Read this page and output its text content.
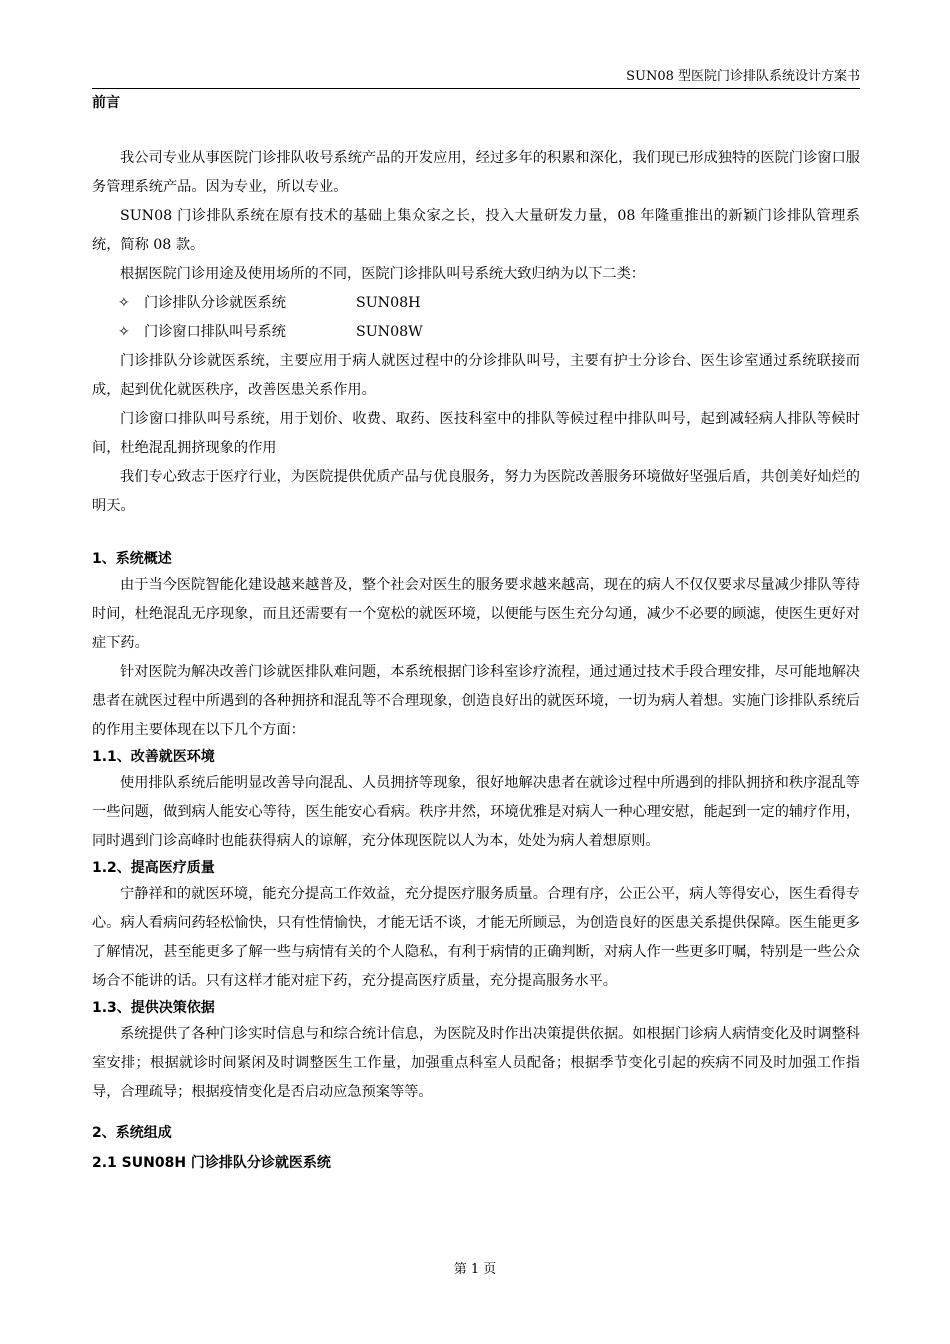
SUN08 型医院门诊排队系统设计方案书

前言

我公司专业从事医院门诊排队收号系统产品的开发应用，经过多年的积累和深化，我们现已形成独特的医院门诊窗口服务管理系统产品。因为专业，所以专业。

SUN08 门诊排队系统在原有技术的基础上集众家之长，投入大量研发力量，08 年隆重推出的新颖门诊排队管理系统，简称 08 款。

根据医院门诊用途及使用场所的不同，医院门诊排队叫号系统大致归纳为以下二类：

✧ 门诊排队分诊就医系统	SUN08H
✧ 门诊窗口排队叫号系统	SUN08W

门诊排队分诊就医系统，主要应用于病人就医过程中的分诊排队叫号，主要有护士分诊台、医生诊室通过系统联接而成，起到优化就医秩序，改善医患关系作用。

门诊窗口排队叫号系统，用于划价、收费、取药、医技科室中的排队等候过程中排队叫号，起到减轻病人排队等候时间，杜绝混乱拥挤现象的作用

我们专心致志于医疗行业，为医院提供优质产品与优良服务，努力为医院改善服务环境做好坚强后盾，共创美好灿烂的明天。

1、系统概述

由于当今医院智能化建设越来越普及，整个社会对医生的服务要求越来越高，现在的病人不仅仅要求尽量减少排队等待时间，杜绝混乱无序现象，而且还需要有一个宽松的就医环境，以便能与医生充分勾通，减少不必要的顾滤，使医生更好对症下药。

针对医院为解决改善门诊就医排队难问题，本系统根据门诊科室诊疗流程，通过通过技术手段合理安排，尽可能地解决患者在就医过程中所遇到的各种拥挤和混乱等不合理现象，创造良好出的就医环境，一切为病人着想。实施门诊排队系统后的作用主要体现在以下几个方面：

1.1、改善就医环境

使用排队系统后能明显改善导向混乱、人员拥挤等现象，很好地解决患者在就诊过程中所遇到的排队拥挤和秩序混乱等一些问题，做到病人能安心等待，医生能安心看病。秩序井然，环境优雅是对病人一种心理安慰，能起到一定的辅疗作用，同时遇到门诊高峰时也能获得病人的谅解，充分体现医院以人为本，处处为病人着想原则。

1.2、提高医疗质量

宁静祥和的就医环境，能充分提高工作效益，充分提医疗服务质量。合理有序，公正公平，病人等得安心，医生看得专心。病人看病问药轻松愉快，只有性情愉快，才能无话不谈，才能无所顾忌，为创造良好的医患关系提供保障。医生能更多了解情况，甚至能更多了解一些与病情有关的个人隐私，有利于病情的正确判断，对病人作一些更多叮嘱，特别是一些公众场合不能讲的话。只有这样才能对症下药，充分提高医疗质量，充分提高服务水平。

1.3、提供决策依据

系统提供了各种门诊实时信息与和综合统计信息，为医院及时作出决策提供依据。如根据门诊病人病情变化及时调整科室安排；根据就诊时间紧闲及时调整医生工作量，加强重点科室人员配备；根据季节变化引起的疾病不同及时加强工作指导，合理疏导；根据疫情变化是否启动应急预案等等。

2、系统组成

2.1 SUN08H 门诊排队分诊就医系统

第 1 页
